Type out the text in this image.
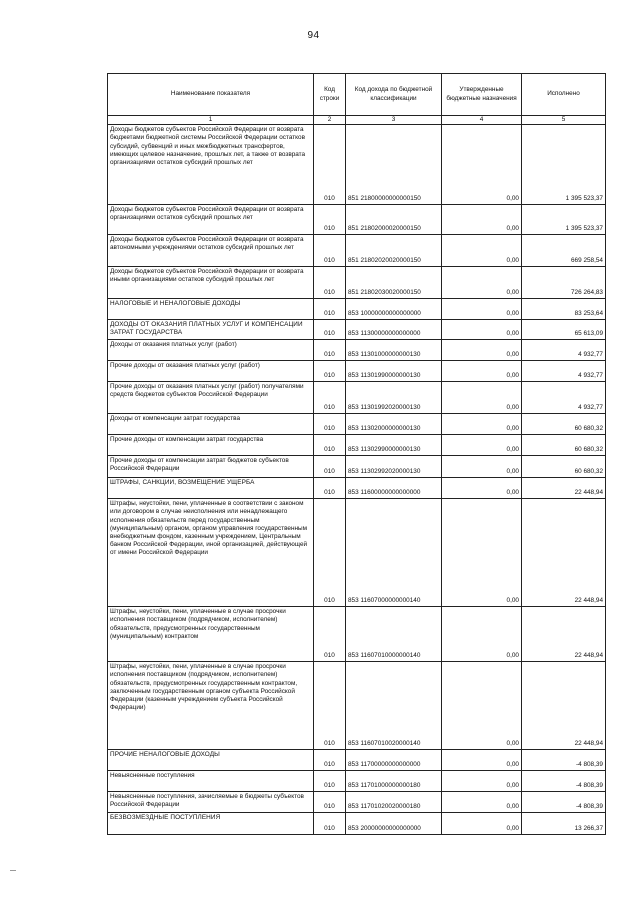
94
Наименование показателя	Код строки	Код дохода по бюджетной классификации	Утвержденные бюджетные назначения	Исполнено
1	2	3	4	5
Доходы бюджетов субъектов Российской Федерации от возврата бюджетами бюджетной системы Российской Федерации остатков субсидий, субвенций и иных межбюджетных трансфертов, имеющих целевое назначение, прошлых лет, а также от возврата организациями остатков субсидий прошлых лет	010	851 21800000000000150	0,00	1 395 523,37
Доходы бюджетов субъектов Российской Федерации от возврата организациями остатков субсидий прошлых лет	010	851 21802000020000150	0,00	1 395 523,37
Доходы бюджетов субъектов Российской Федерации от возврата автономными учреждениями остатков субсидий прошлых лет	010	851 21802020020000150	0,00	669 258,54
Доходы бюджетов субъектов Российской Федерации от возврата иными организациями остатков субсидий прошлых лет	010	851 21802030020000150	0,00	726 264,83
НАЛОГОВЫЕ И НЕНАЛОГОВЫЕ ДОХОДЫ	010	853 10000000000000000	0,00	83 253,64
ДОХОДЫ ОТ ОКАЗАНИЯ ПЛАТНЫХ УСЛУГ И КОМПЕНСАЦИИ ЗАТРАТ ГОСУДАРСТВА	010	853 11300000000000000	0,00	65 613,09
Доходы от оказания платных услуг (работ)	010	853 11301000000000130	0,00	4 932,77
Прочие доходы от оказания платных услуг (работ)	010	853 11301990000000130	0,00	4 932,77
Прочие доходы от оказания платных услуг (работ) получателями средств бюджетов субъектов Российской Федерации	010	853 11301992020000130	0,00	4 932,77
Доходы от компенсации затрат государства	010	853 11302000000000130	0,00	60 680,32
Прочие доходы от компенсации затрат государства	010	853 11302990000000130	0,00	60 680,32
Прочие доходы от компенсации затрат бюджетов субъектов Российской Федерации	010	853 11302992020000130	0,00	60 680,32
ШТРАФЫ, САНКЦИИ, ВОЗМЕЩЕНИЕ УЩЕРБА	010	853 11600000000000000	0,00	22 448,94
Штрафы, неустойки, пени, уплаченные в соответствии с законом или договором в случае неисполнения или ненадлежащего исполнения обязательств перед государственным (муниципальным) органом, органом управления государственным внебюджетным фондом, казенным учреждением, Центральным банком Российской Федерации, иной организацией, действующей от имени Российской Федерации	010	853 11607000000000140	0,00	22 448,94
Штрафы, неустойки, пени, уплаченные в случае просрочки исполнения поставщиком (подрядчиком, исполнителем) обязательств, предусмотренных государственным (муниципальным) контрактом	010	853 11607010000000140	0,00	22 448,94
Штрафы, неустойки, пени, уплаченные в случае просрочки исполнения поставщиком (подрядчиком, исполнителем) обязательств, предусмотренных государственным контрактом, заключенным государственным органом субъекта Российской Федерации (казенным учреждением субъекта Российской Федерации)	010	853 11607010020000140	0,00	22 448,94
ПРОЧИЕ НЕНАЛОГОВЫЕ ДОХОДЫ	010	853 11700000000000000	0,00	-4 808,39
Невыясненные поступления	010	853 11701000000000180	0,00	-4 808,39
Невыясненные поступления, зачисляемые в бюджеты субъектов Российской Федерации	010	853 11701020020000180	0,00	-4 808,39
БЕЗВОЗМЕЗДНЫЕ ПОСТУПЛЕНИЯ	010	853 20000000000000000	0,00	13 266,37
